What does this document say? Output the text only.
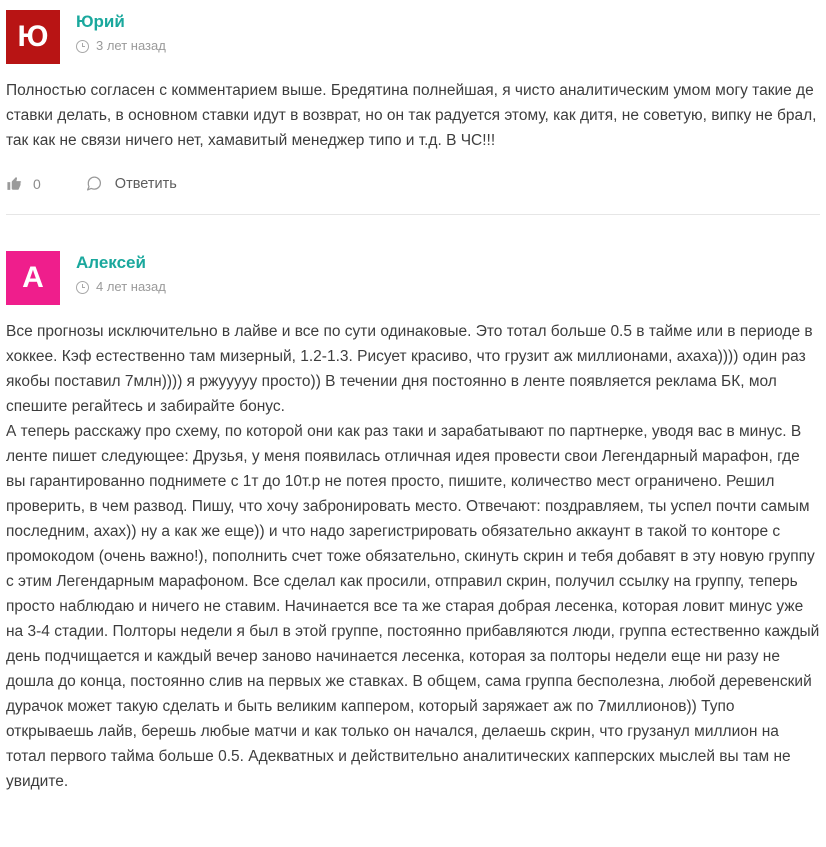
Ю Юрий
3 лет назад

Полностью согласен с комментарием выше. Бредятина полнейшая, я чисто аналитическим умом могу такие де ставки делать, в основном ставки идут в возврат, но он так радуется этому, как дитя, не советую, випку не брал, так как не связи ничего нет, хамавитый менеджер типо и т.д. В ЧС!!!

0	Ответить
А Алексей
4 лет назад

Все прогнозы исключительно в лайве и все по сути одинаковые. Это тотал больше 0.5 в тайме или в периоде в хоккее. Кэф естественно там мизерный, 1.2-1.3. Рисует красиво, что грузит аж миллионами, ахаха)))) один раз якобы поставил 7млн)))) я ржууууу просто)) В течении дня постоянно в ленте появляется реклама БК, мол спешите регайтесь и забирайте бонус.

А теперь расскажу про схему, по которой они как раз таки и зарабатывают по партнерке, уводя вас в минус. В ленте пишет следующее: Друзья, у меня появилась отличная идея провести свои Легендарный марафон, где вы гарантированно поднимете с 1т до 10т.р не потея просто, пишите, количество мест ограничено. Решил проверить, в чем развод. Пишу, что хочу забронировать место. Отвечают: поздравляем, ты успел почти самым последним, ахах)) ну а как же еще)) и что надо зарегистрировать обязательно аккаунт в такой то конторе с промокодом (очень важно!), пополнить счет тоже обязательно, скинуть скрин и тебя добавят в эту новую группу с этим Легендарным марафоном. Все сделал как просили, отправил скрин, получил ссылку на группу, теперь просто наблюдаю и ничего не ставим. Начинается все та же старая добрая лесенка, которая ловит минус уже на 3-4 стадии. Полторы недели я был в этой группе, постоянно прибавляются люди, группа естественно каждый день подчищается и каждый вечер заново начинается лесенка, которая за полторы недели еще ни разу не дошла до конца, постоянно слив на первых же ставках. В общем, сама группа бесполезна, любой деревенский дурачок может такую сделать и быть великим каппером, который заряжает аж по 7миллионов)) Тупо открываешь лайв, берешь любые матчи и как только он начался, делаешь скрин, что грузанул миллион на тотал первого тайма больше 0.5. Адекватных и действительно аналитических капперских мыслей вы там не увидите.
